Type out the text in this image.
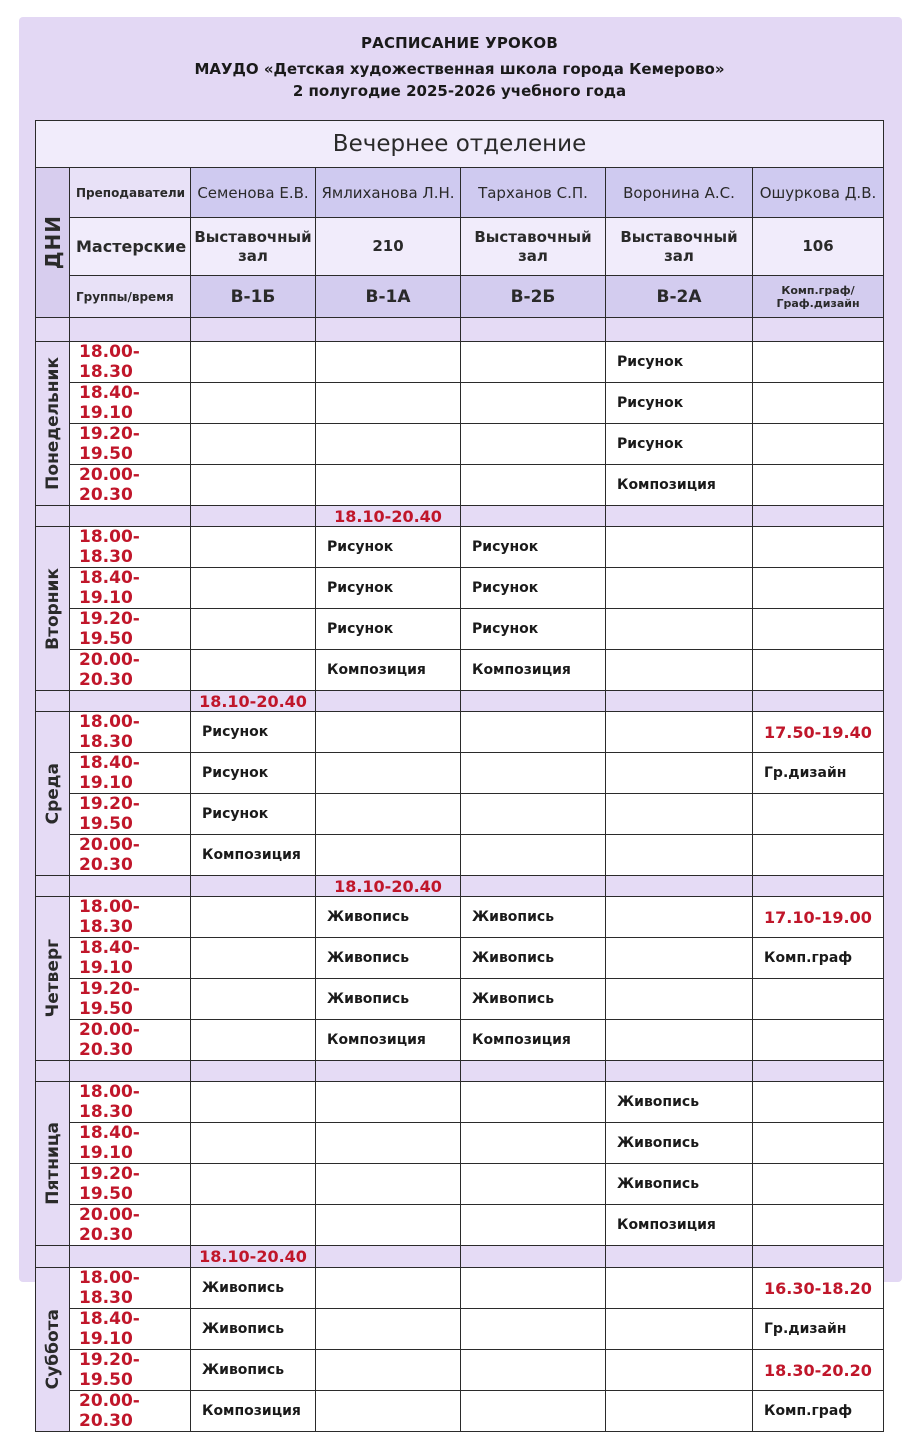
РАСПИСАНИЕ УРОКОВ
МАУДО «Детская художественная школа города Кемерово»
2 полугодие 2025-2026 учебного года
Вечернее отделение						

ДНИ	Преподаватели	Семенова Е.В.	Ямлиханова Л.Н.	Тарханов С.П.	Воронина А.С.	Ошуркова Д.В.
	Мастерские	Выставочный зал	210	Выставочный зал	Выставочный зал	106
	Группы/время	В-1Б	В-1А	В-2Б	В-2А	Комп.граф/ Граф.дизайн

Понедельник	18.00-18.30				Рисунок	
	18.40-19.10				Рисунок	
	19.20-19.50				Рисунок	
	20.00-20.30				Композиция	
			18.10-20.40			

Вторник	18.00-18.30		Рисунок	Рисунок		
	18.40-19.10		Рисунок	Рисунок		
	19.20-19.50		Рисунок	Рисунок		
	20.00-20.30		Композиция	Композиция		
		18.10-20.40				

Среда	18.00-18.30	Рисунок				17.50-19.40
	18.40-19.10	Рисунок				Гр.дизайн
	19.20-19.50	Рисунок				
	20.00-20.30	Композиция				
			18.10-20.40			

Четверг	18.00-18.30		Живопись	Живопись		17.10-19.00
	18.40-19.10		Живопись	Живопись		Комп.граф
	19.20-19.50		Живопись	Живопись		
	20.00-20.30		Композиция	Композиция		

Пятница	18.00-18.30				Живопись	
	18.40-19.10				Живопись	
	19.20-19.50				Живопись	
	20.00-20.30				Композиция	
		18.10-20.40				

Суббота	18.00-18.30	Живопись				16.30-18.20
	18.40-19.10	Живопись				Гр.дизайн
	19.20-19.50	Живопись				18.30-20.20
	20.00-20.30	Композиция				Комп.граф
